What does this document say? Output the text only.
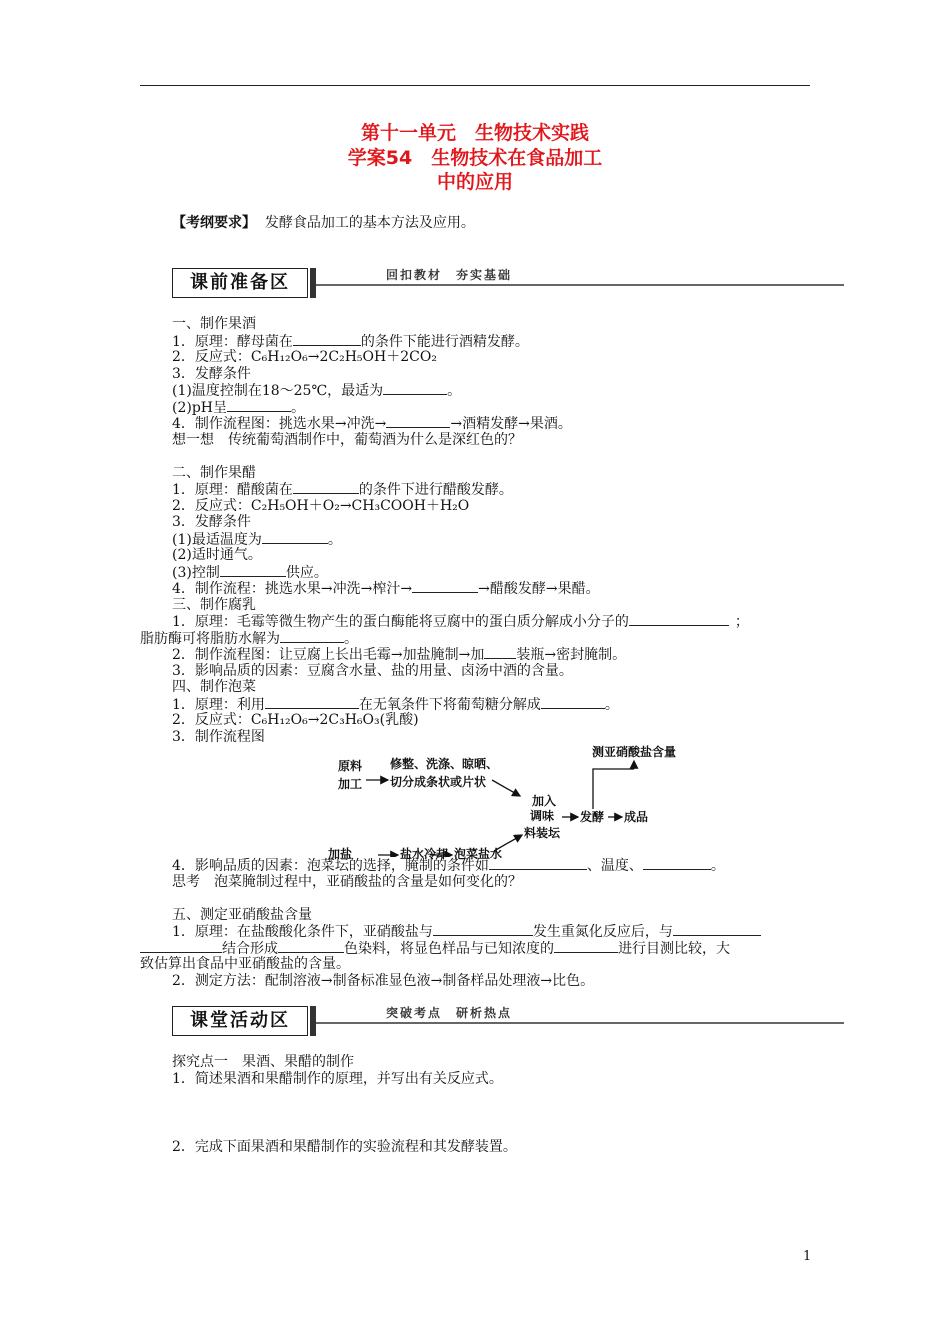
第十一单元　生物技术实践
学案54　生物技术在食品加工
中的应用
【考纲要求】 发酵食品加工的基本方法及应用。
课前准备区	回扣教材　夯实基础

一、制作果酒

1．原理：酵母菌在	的条件下能进行酒精发酵。

2．反应式：C₆H₁₂O₆→2C₂H₅OH＋2CO₂

3．发酵条件

(1)温度控制在18～25℃，最适为	。

(2)pH呈	。

4．制作流程图：挑选水果→冲洗→	→酒精发酵→果酒。

想一想　传统葡萄酒制作中，葡萄酒为什么是深红色的？

二、制作果醋

1．原理：醋酸菌在	的条件下进行醋酸发酵。

2．反应式：C₂H₅OH＋O₂→CH₃COOH＋H₂O

3．发酵条件

(1)最适温度为	。

(2)适时通气。

(3)控制	供应。

4．制作流程：挑选水果→冲洗→榨汁→	→醋酸发酵→果醋。

三、制作腐乳

1．原理：毛霉等微生物产生的蛋白酶能将豆腐中的蛋白质分解成小分子的	；

脂肪酶可将脂肪水解为	。

2．制作流程图：让豆腐上长出毛霉→加盐腌制→加 装瓶→密封腌制。

3．影响品质的因素：豆腐含水量、盐的用量、卤汤中酒的含量。

四、制作泡菜

1．原理：利用	在无氧条件下将葡萄糖分解成	。

2．反应式：C₆H₁₂O₆→2C₃H₆O₃(乳酸)

3．制作流程图

原料
加工
修整、洗涤、晾晒、
切分成条状或片状
加盐	盐水冷却 泡菜盐水
加入
调味
料装坛
发酵 成品
测亚硝酸盐含量

4．影响品质的因素：泡菜坛的选择，腌制的条件如	、温度、	。

思考　泡菜腌制过程中，亚硝酸盐的含量是如何变化的？

五、测定亚硝酸盐含量

1．原理：在盐酸酸化条件下，亚硝酸盐与	发生重氮化反应后，与

结合形成	色染料，将显色样品与已知浓度的	进行目测比较，大

致估算出食品中亚硝酸盐的含量。

2．测定方法：配制溶液→制备标准显色液→制备样品处理液→比色。

课堂活动区	突破考点　研析热点

探究点一　果酒、果醋的制作

1．简述果酒和果醋制作的原理，并写出有关反应式。

2．完成下面果酒和果醋制作的实验流程和其发酵装置。

1
